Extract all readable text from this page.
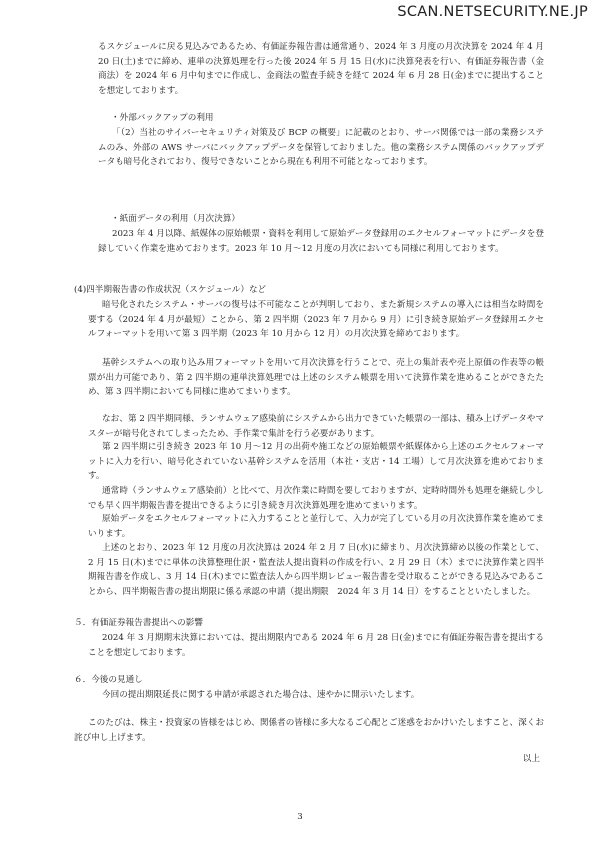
SCAN.NETSECURITY.NE.JP

るスケジュールに戻る見込みであるため、有価証券報告書は通常通り、2024 年 3 月度の月次決算を 2024 年 4 月 20 日(土)までに締め、連単の決算処理を行った後 2024 年 5 月 15 日(水)に決算発表を行い、有価証券報告書（金商法）を 2024 年 6 月中旬までに作成し、金商法の監査手続きを経て 2024 年 6 月 28 日(金)までに提出することを想定しております。

・外部バックアップの利用

「（2）当社のサイバーセキュリティ対策及び BCP の概要」に記載のとおり、サーバ関係では一部の業務システムのみ、外部の AWS サーバにバックアップデータを保管しておりました。他の業務システム関係のバックアップデータも暗号化されており、復号できないことから現在も利用不可能となっております。

・紙面データの利用（月次決算）

2023 年 4 月以降、紙媒体の原始帳票・資料を利用して原始データ登録用のエクセルフォーマットにデータを登録していく作業を進めております。2023 年 10 月～12 月度の月次においても同様に利用しております。

(4)四半期報告書の作成状況（スケジュール）など

暗号化されたシステム・サーバの復号は不可能なことが判明しており、また新規システムの導入には相当な時間を要する（2024 年 4 月が最短）ことから、第 2 四半期（2023 年 7 月から 9 月）に引き続き原始データ登録用エクセルフォーマットを用いて第 3 四半期（2023 年 10 月から 12 月）の月次決算を締めております。

基幹システムへの取り込み用フォーマットを用いて月次決算を行うことで、売上の集計表や売上原価の作表等の帳票が出力可能であり、第 2 四半期の連単決算処理では上述のシステム帳票を用いて決算作業を進めることができたため、第 3 四半期においても同様に進めてまいります。

なお、第 2 四半期同様、ランサムウェア感染前にシステムから出力できていた帳票の一部は、積み上げデータやマスターが暗号化されてしまったため、手作業で集計を行う必要があります。

第 2 四半期に引き続き 2023 年 10 月～12 月の出荷や施工などの原始帳票や紙媒体から上述のエクセルフォーマットに入力を行い、暗号化されていない基幹システムを活用（本社・支店・14 工場）して月次決算を進めております。

通常時（ランサムウェア感染前）と比べて、月次作業に時間を要しておりますが、定時時間外も処理を継続し少しでも早く四半期報告書を提出できるように引き続き月次決算処理を進めてまいります。

原始データをエクセルフォーマットに入力することと並行して、入力が完了している月の月次決算作業を進めてまいります。

上述のとおり、2023 年 12 月度の月次決算は 2024 年 2 月 7 日(水)に締まり、月次決算締め以後の作業として、2 月 15 日(木)までに単体の決算整理仕訳・監査法人提出資料の作成を行い、2 月 29 日（木）までに決算作業と四半期報告書を作成し、3 月 14 日(木)までに監査法人から四半期レビュー報告書を受け取ることができる見込みであることから、四半期報告書の提出期限に係る承認の申請（提出期限　2024 年 3 月 14 日）をすることといたしました。

５．有価証券報告書提出への影響

2024 年 3 月期期末決算においては、提出期限内である 2024 年 6 月 28 日(金)までに有価証券報告書を提出することを想定しております。

６．今後の見通し

今回の提出期限延長に関する申請が承認された場合は、速やかに開示いたします。

このたびは、株主・投資家の皆様をはじめ、関係者の皆様に多大なるご心配とご迷惑をおかけいたしますこと、深くお詫び申し上げます。

以上

3
